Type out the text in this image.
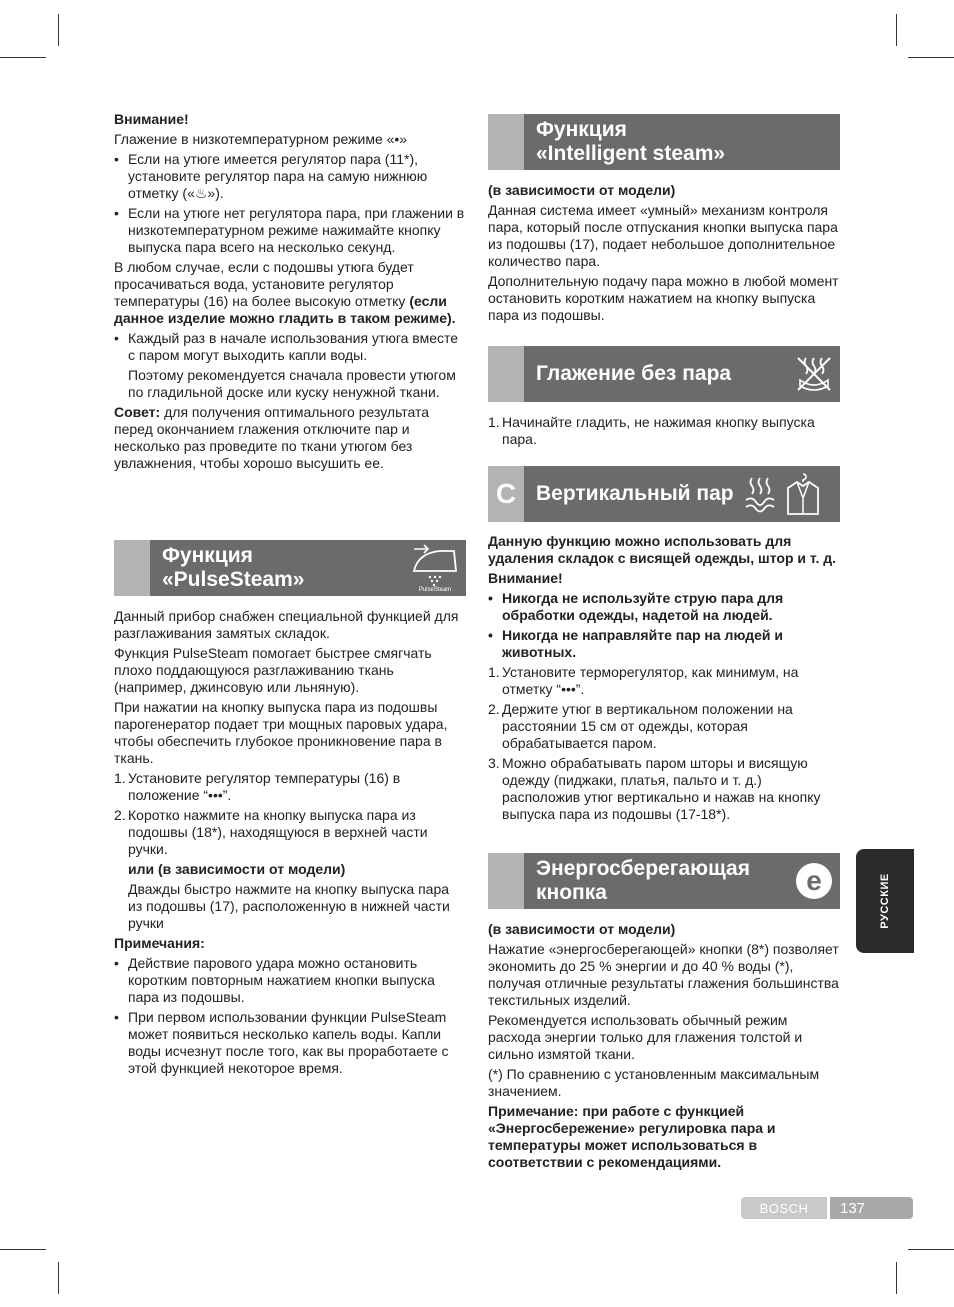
Внимание!

Глажение в низкотемпературном режиме «•»

• Если на утюге имеется регулятор пара (11*), установите регулятор пара на самую нижнюю отметку («♨»).
• Если на утюге нет регулятора пара, при глажении в низкотемпературном режиме нажимайте кнопку выпуска пара всего на несколько секунд.

В любом случае, если с подошвы утюга будет просачиваться вода, установите регулятор температуры (16) на более высокую отметку (если данное изделие можно гладить в таком режиме).

• Каждый раз в начале использования утюга вместе с паром могут выходить капли воды.

Поэтому рекомендуется сначала провести утюгом по гладильной доске или куску ненужной ткани.

Совет: для получения оптимального результата перед окончанием глажения отключите пар и несколько раз проведите по ткани утюгом без увлажнения, чтобы хорошо высушить ее.

Функция
«PulseSteam»	PulseSteam

Данный прибор снабжен специальной функцией для разглаживания замятых складок.

Функция PulseSteam помогает быстрее смягчать плохо поддающуюся разглаживанию ткань (например, джинсовую или льняную).

При нажатии на кнопку выпуска пара из подошвы парогенератор подает три мощных паровых удара, чтобы обеспечить глубокое проникновение пара в ткань.

1. Установите регулятор температуры (16) в положение “•••”.
2. Коротко нажмите на кнопку выпуска пара из подошвы (18*), находящуюся в верхней части ручки.

или (в зависимости от модели)

Дважды быстро нажмите на кнопку выпуска пара из подошвы (17), расположенную в нижней части ручки

Примечания:

• Действие парового удара можно остановить коротким повторным нажатием кнопки выпуска пара из подошвы.
• При первом использовании функции PulseSteam может появиться несколько капель воды. Капли воды исчезнут после того, как вы проработаете с этой функцией некоторое время.
Функция
«Intelligent steam»

(в зависимости от модели)

Данная система имеет «умный» механизм контроля пара, который после отпускания кнопки выпуска пара из подошвы (17), подает небольшое дополнительное количество пара.

Дополнительную подачу пара можно в любой момент остановить коротким нажатием на кнопку выпуска пара из подошвы.

Глажение без пара
1. Начинайте гладить, не нажимая кнопку выпуска пара.
C Вертикальный пар

Данную функцию можно использовать для удаления складок с висящей одежды, штор и т. д.

Внимание!

• Никогда не используйте струю пара для обработки одежды, надетой на людей.
• Никогда не направляйте пар на людей и животных.
1. Установите терморегулятор, как минимум, на отметку “•••”.
2. Держите утюг в вертикальном положении на расстоянии 15 см от одежды, которая обрабатывается паром.
3. Можно обрабатывать паром шторы и висящую одежду (пиджаки, платья, пальто и т. д.) расположив утюг вертикально и нажав на кнопку выпуска пара из подошвы (17-18*).
Энергосберегающая
кнопка	e

(в зависимости от модели)

Нажатие «энергосберегающей» кнопки (8*) позволяет экономить до 25 % энергии и до 40 % воды (*), получая отличные результаты глажения большинства текстильных изделий.

Рекомендуется использовать обычный режим расхода энергии только для глажения толстой и сильно измятой ткани.

(*) По сравнению с установленным максимальным значением.

Примечание: при работе с функцией «Энергосбережение» регулировка пара и температуры может использоваться в соответствии с рекомендациями.

РУССКИЕ
BOSCH	137
